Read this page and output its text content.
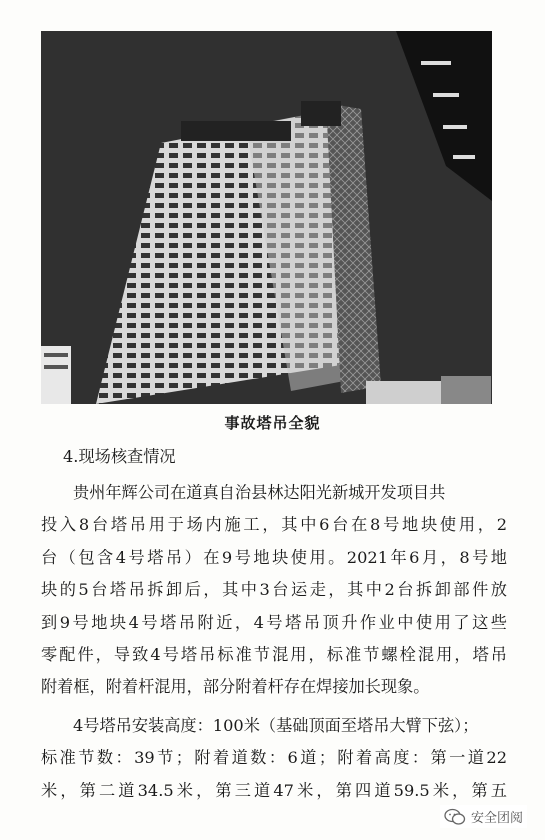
事故塔吊全貌
4.现场核查情况
贵州年辉公司在道真自治县林达阳光新城开发项目共
投入8台塔吊用于场内施工，其中6台在8号地块使用，2
台（包含4号塔吊）在9号地块使用。2021年6月，8号地
块的5台塔吊拆卸后，其中3台运走，其中2台拆卸部件放
到9号地块4号塔吊附近，4号塔吊顶升作业中使用了这些
零配件，导致4号塔吊标准节混用，标准节螺栓混用，塔吊
附着框，附着杆混用，部分附着杆存在焊接加长现象。
4号塔吊安装高度：100米（基础顶面至塔吊大臂下弦）；
标准节数：39节；附着道数：6道；附着高度：第一道22
米，第二道34.5米，第三道47米，第四道59.5米，第五
安全团阅
